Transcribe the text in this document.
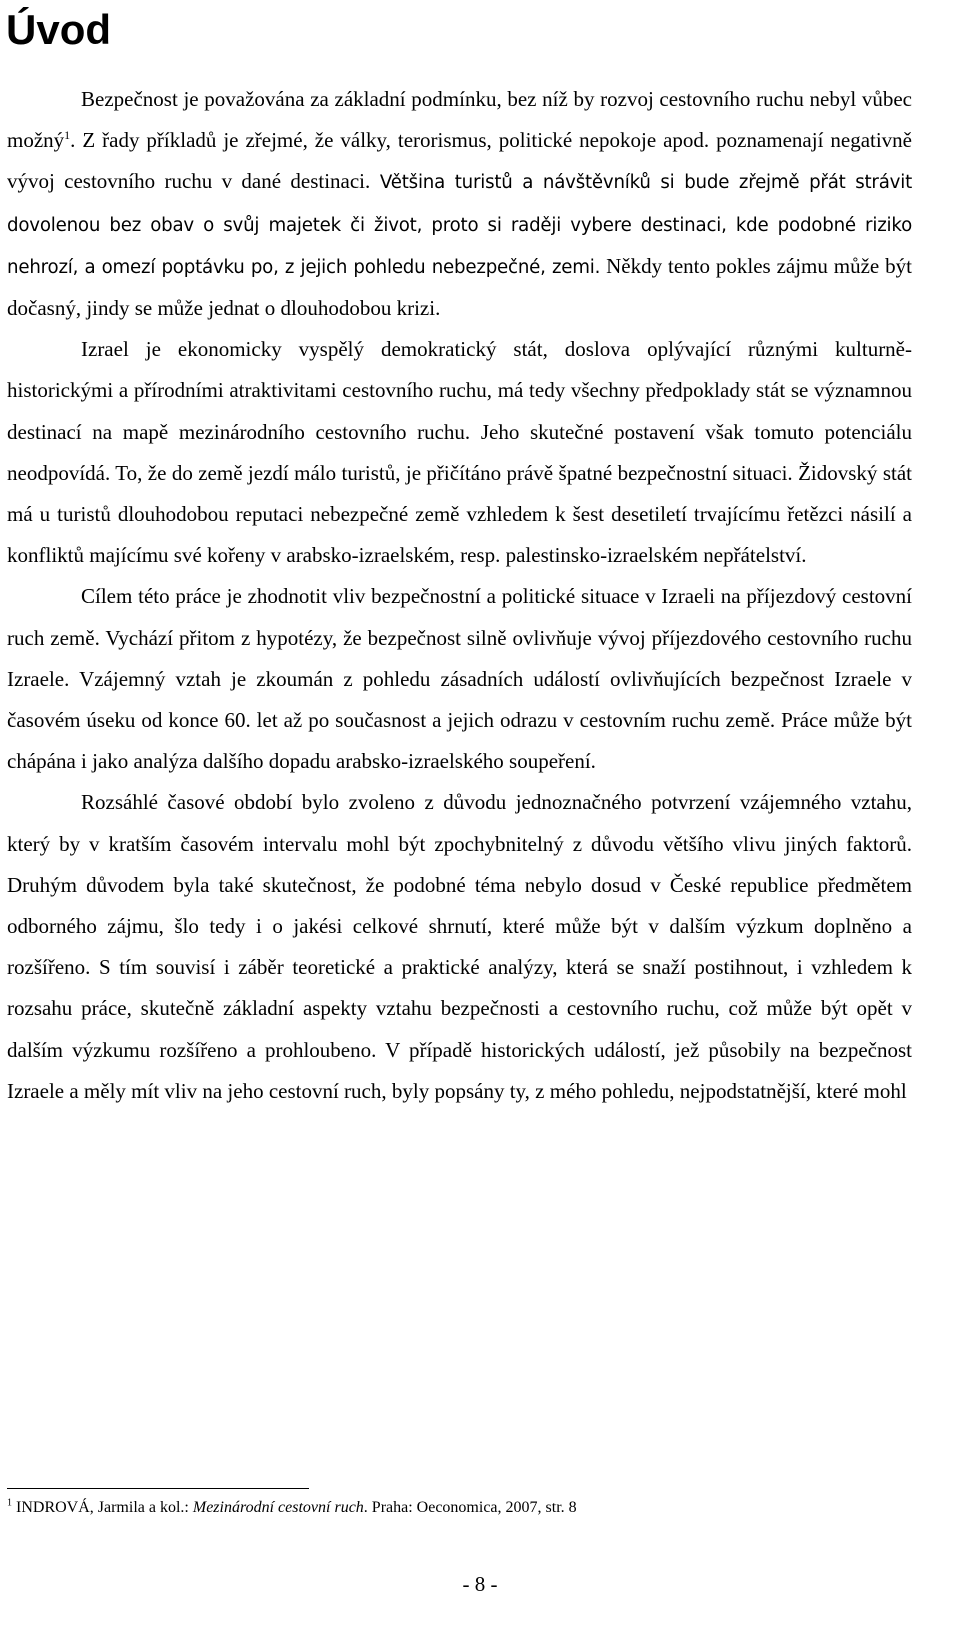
Úvod

Bezpečnost je považována za základní podmínku, bez níž by rozvoj cestovního ruchu nebyl vůbec možný$^1$. Z řady příkladů je zřejmé, že války, terorismus, politické nepokoje apod. poznamenají negativně vývoj cestovního ruchu v dané destinaci. Většina turistů a návštěvníků si bude zřejmě přát strávit dovolenou bez obav o svůj majetek či život, proto si raději vybere destinaci, kde podobné riziko nehrozí, a omezí poptávku po, z jejich pohledu nebezpečné, zemi. Někdy tento pokles zájmu může být dočasný, jindy se může jednat o dlouhodobou krizi.

Izrael je ekonomicky vyspělý demokratický stát, doslova oplývající různými kulturně-historickými a přírodními atraktivitami cestovního ruchu, má tedy všechny předpoklady stát se významnou destinací na mapě mezinárodního cestovního ruchu. Jeho skutečné postavení však tomuto potenciálu neodpovídá. To, že do země jezdí málo turistů, je přičítáno právě špatné bezpečnostní situaci. Židovský stát má u turistů dlouhodobou reputaci nebezpečné země vzhledem k šest desetiletí trvajícímu řetězci násilí a konfliktů majícímu své kořeny v arabsko-izraelském, resp. palestinsko-izraelském nepřátelství.

Cílem této práce je zhodnotit vliv bezpečnostní a politické situace v Izraeli na příjezdový cestovní ruch země. Vychází přitom z hypotézy, že bezpečnost silně ovlivňuje vývoj příjezdového cestovního ruchu Izraele. Vzájemný vztah je zkoumán z pohledu zásadních událostí ovlivňujících bezpečnost Izraele v časovém úseku od konce 60. let až po současnost a jejich odrazu v cestovním ruchu země. Práce může být chápána i jako analýza dalšího dopadu arabsko-izraelského soupeření.

Rozsáhlé časové období bylo zvoleno z důvodu jednoznačného potvrzení vzájemného vztahu, který by v kratším časovém intervalu mohl být zpochybnitelný z důvodu většího vlivu jiných faktorů. Druhým důvodem byla také skutečnost, že podobné téma nebylo dosud v České republice předmětem odborného zájmu, šlo tedy i o jakési celkové shrnutí, které může být v dalším výzkum doplněno a rozšířeno. S tím souvisí i záběr teoretické a praktické analýzy, která se snaží postihnout, i vzhledem k rozsahu práce, skutečně základní aspekty vztahu bezpečnosti a cestovního ruchu, což může být opět v dalším výzkumu rozšířeno a prohloubeno. V případě historických událostí, jež působily na bezpečnost Izraele a měly mít vliv na jeho cestovní ruch, byly popsány ty, z mého pohledu, nejpodstatnější, které mohl

$^1$ INDROVÁ, Jarmila a kol.: Mezinárodní cestovní ruch. Praha: Oeconomica, 2007, str. 8
- 8 -
